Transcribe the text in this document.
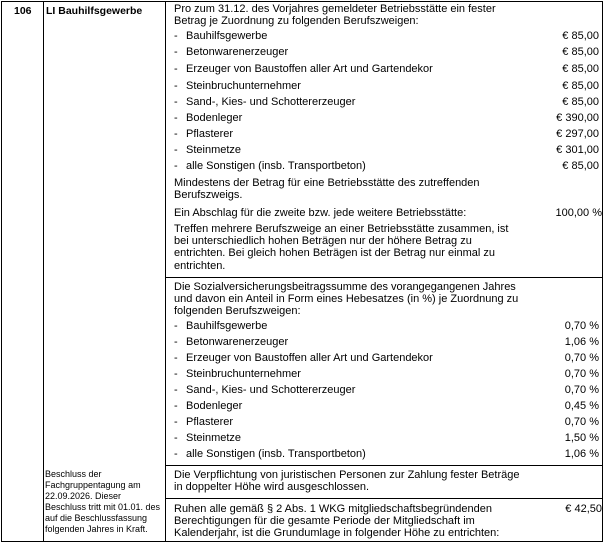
106 LI Bauhilfsgewerbe
Beschluss der Fachgruppentagung am 22.09.2026. Dieser Beschluss tritt mit 01.01. des auf die Beschlussfassung folgenden Jahres in Kraft.
Pro zum 31.12. des Vorjahres gemeldeter Betriebsstätte ein fester Betrag je Zuordnung zu folgenden Berufszweigen:
- Bauhilfsgewerbe	€ 85,00
- Betonwarenerzeuger	€ 85,00
- Erzeuger von Baustoffen aller Art und Gartendekor	€ 85,00
- Steinbruchunternehmer	€ 85,00
- Sand-, Kies- und Schottererzeuger	€ 85,00
- Bodenleger	€ 390,00
- Pflasterer	€ 297,00
- Steinmetze	€ 301,00
- alle Sonstigen (insb. Transportbeton)	€ 85,00
Mindestens der Betrag für eine Betriebsstätte des zutreffenden Berufszweigs.
Ein Abschlag für die zweite bzw. jede weitere Betriebsstätte:	100,00 %
Treffen mehrere Berufszweige an einer Betriebsstätte zusammen, ist bei unterschiedlich hohen Beträgen nur der höhere Betrag zu entrichten. Bei gleich hohen Beträgen ist der Betrag nur einmal zu entrichten.
Die Sozialversicherungsbeitragssumme des vorangegangenen Jahres und davon ein Anteil in Form eines Hebesatzes (in %) je Zuordnung zu folgenden Berufszweigen:
- Bauhilfsgewerbe	0,70 %
- Betonwarenerzeuger	1,06 %
- Erzeuger von Baustoffen aller Art und Gartendekor	0,70 %
- Steinbruchunternehmer	0,70 %
- Sand-, Kies- und Schottererzeuger	0,70 %
- Bodenleger	0,45 %
- Pflasterer	0,70 %
- Steinmetze	1,50 %
- alle Sonstigen (insb. Transportbeton)	1,06 %
Die Verpflichtung von juristischen Personen zur Zahlung fester Beträge in doppelter Höhe wird ausgeschlossen.
Ruhen alle gemäß § 2 Abs. 1 WKG mitgliedschaftsbegründenden Berechtigungen für die gesamte Periode der Mitgliedschaft im Kalenderjahr, ist die Grundumlage in folgender Höhe zu entrichten:
€ 42,50
